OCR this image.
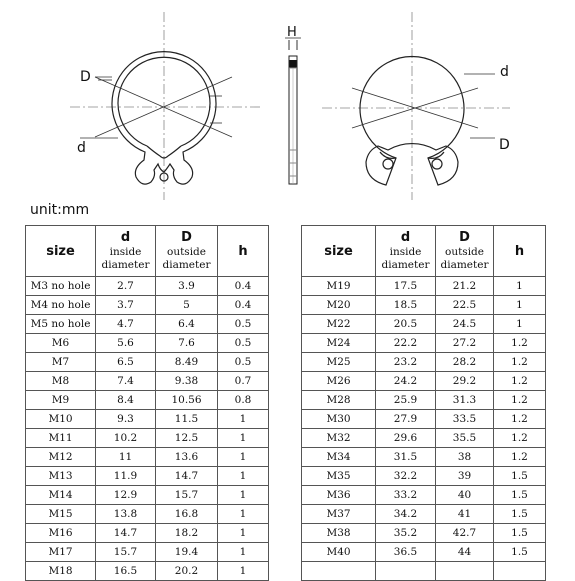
D
d
H
d
D
unit:mm
size	d
inside
diameter	D
outside
diameter	h
M3 no hole	2.7	3.9	0.4
M4 no hole	3.7	5	0.4
M5 no hole	4.7	6.4	0.5
M6	5.6	7.6	0.5
M7	6.5	8.49	0.5
M8	7.4	9.38	0.7
M9	8.4	10.56	0.8
M10	9.3	11.5	1
M11	10.2	12.5	1
M12	11	13.6	1
M13	11.9	14.7	1
M14	12.9	15.7	1
M15	13.8	16.8	1
M16	14.7	18.2	1
M17	15.7	19.4	1
M18	16.5	20.2	1
size	d
inside
diameter	D
outside
diameter	h
M19	17.5	21.2	1
M20	18.5	22.5	1
M22	20.5	24.5	1
M24	22.2	27.2	1.2
M25	23.2	28.2	1.2
M26	24.2	29.2	1.2
M28	25.9	31.3	1.2
M30	27.9	33.5	1.2
M32	29.6	35.5	1.2
M34	31.5	38	1.2
M35	32.2	39	1.5
M36	33.2	40	1.5
M37	34.2	41	1.5
M38	35.2	42.7	1.5
M40	36.5	44	1.5
